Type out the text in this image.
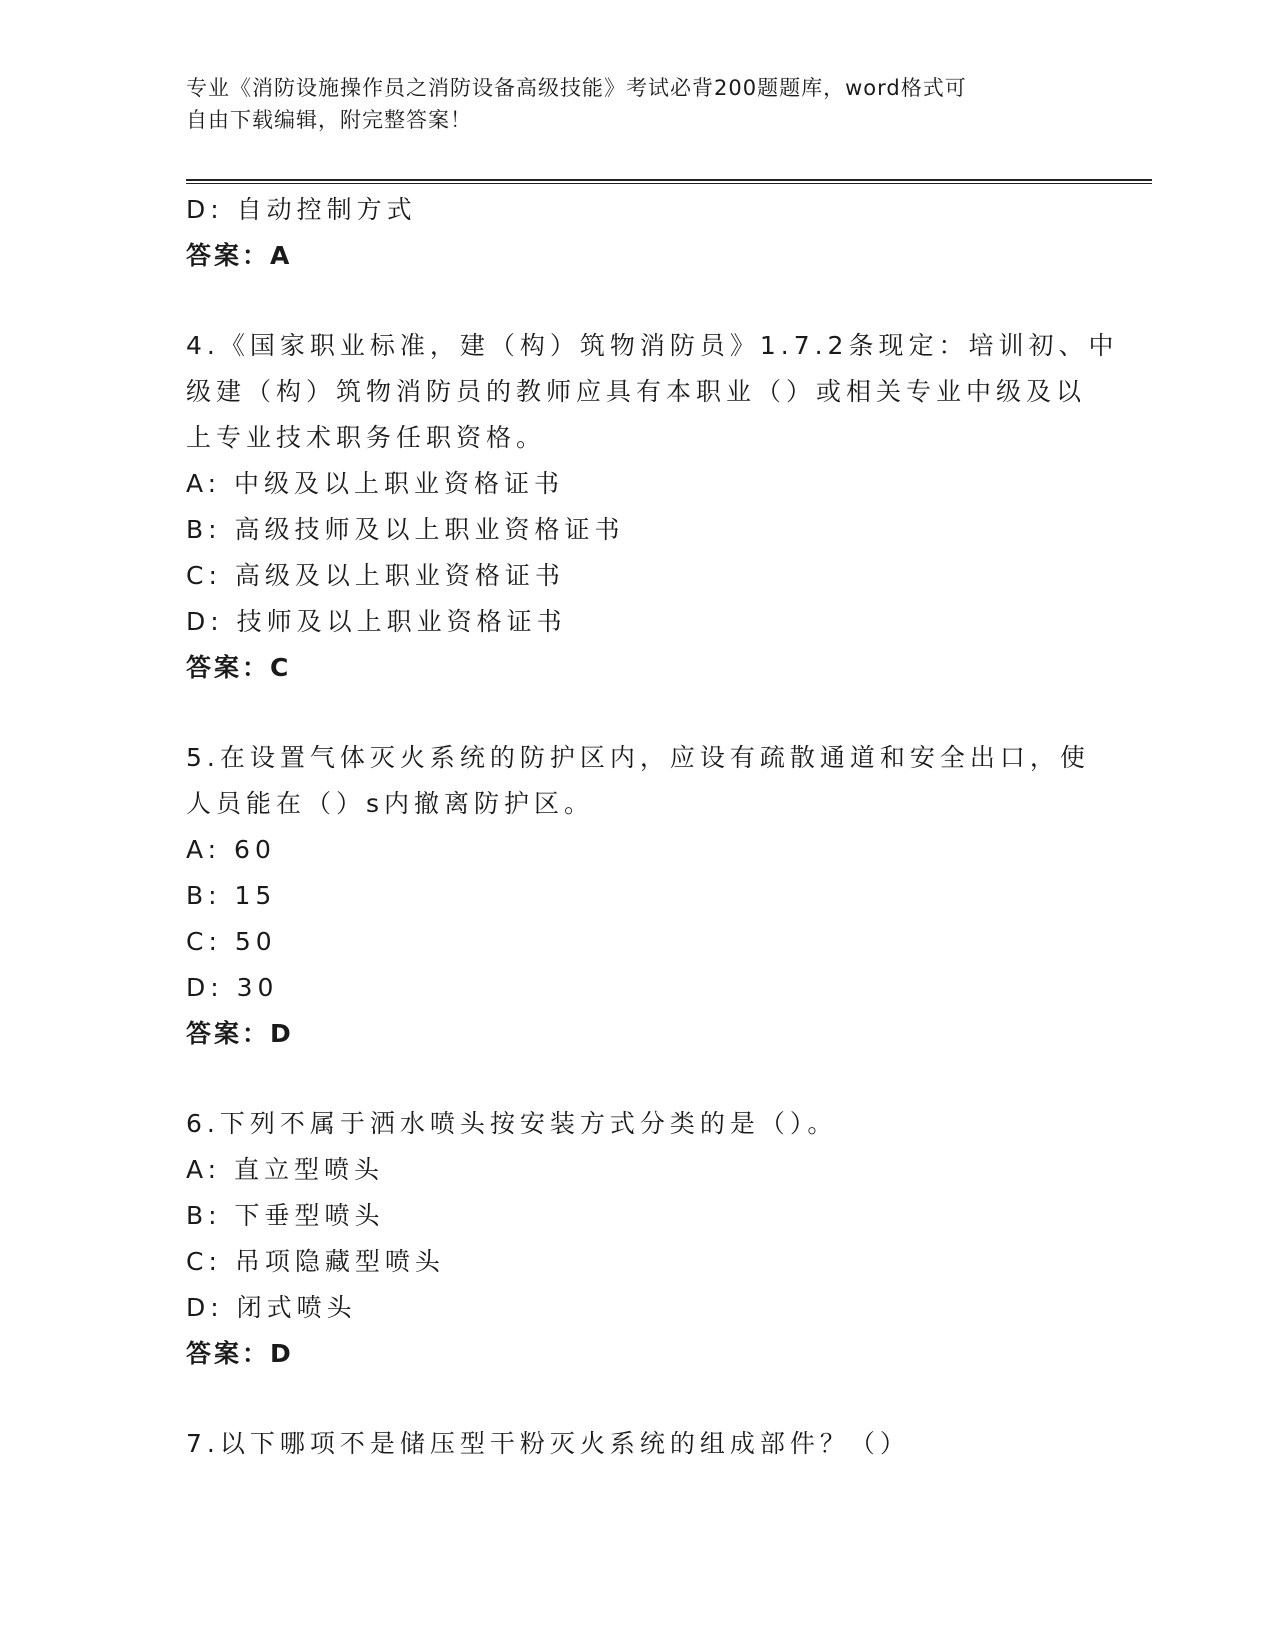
专业《消防设施操作员之消防设备高级技能》考试必背200题题库，word格式可
自由下载编辑，附完整答案！
D: 自动控制方式
答案：A
4.《国家职业标准，建（构）筑物消防员》1.7.2条现定：培训初、中
级建（构）筑物消防员的教师应具有本职业（）或相关专业中级及以
上专业技术职务任职资格。
A: 中级及以上职业资格证书
B: 高级技师及以上职业资格证书
C: 高级及以上职业资格证书
D: 技师及以上职业资格证书
答案：C
5.在设置气体灭火系统的防护区内，应设有疏散通道和安全出口，使
人员能在（）s内撤离防护区。
A: 60
B: 15
C: 50
D: 30
答案：D
6.下列不属于洒水喷头按安装方式分类的是（）。
A: 直立型喷头
B: 下垂型喷头
C: 吊项隐藏型喷头
D: 闭式喷头
答案：D
7.以下哪项不是储压型干粉灭火系统的组成部件？（）
